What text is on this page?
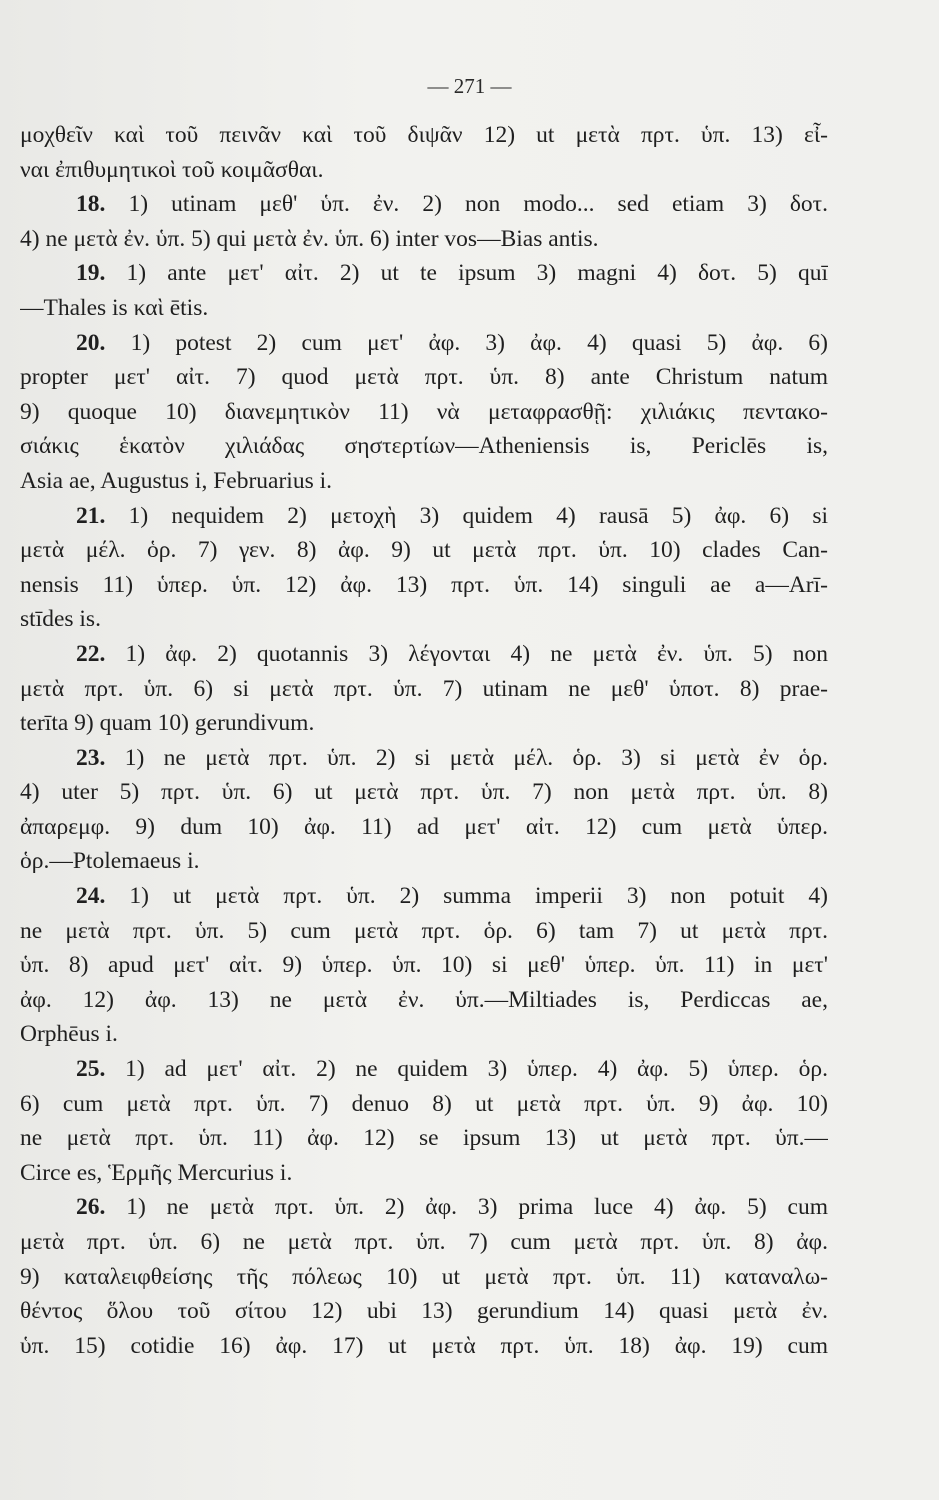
— 271 —
μοχθεῖν καὶ τοῦ πεινᾶν καὶ τοῦ διψᾶν 12) ut μετὰ πρτ. ὑπ. 13) εἶ-
ναι ἐπιθυμητικοὶ τοῦ κοιμᾶσθαι.
18. 1) utinam μεθ' ὑπ. ἐν. 2) non modo... sed etiam 3) δοτ.
4) ne μετὰ ἐν. ὑπ. 5) qui μετὰ ἐν. ὑπ. 6) inter vos—Bias antis.
19. 1) ante μετ' αἰτ. 2) ut te ipsum 3) magni 4) δοτ. 5) quī
—Thales is καὶ ētis.
20. 1) potest 2) cum μετ' ἀφ. 3) ἀφ. 4) quasi 5) ἀφ. 6)
propter μετ' αἰτ. 7) quod μετὰ πρτ. ὑπ. 8) ante Christum natum
9) quoque 10) διανεμητικὸν 11) νὰ μεταφρασθῇ: χιλιάκις πεντακο-
σιάκις ἑκατὸν χιλιάδας σηστερτίων—Atheniensis is, Periclēs is,
Asia ae, Augustus i, Februarius i.
21. 1) nequidem 2) μετοχὴ 3) quidem 4) rausā 5) ἀφ. 6) si
μετὰ μέλ. ὁρ. 7) γεν. 8) ἀφ. 9) ut μετὰ πρτ. ὑπ. 10) clades Can-
nensis 11) ὑπερ. ὑπ. 12) ἀφ. 13) πρτ. ὑπ. 14) singuli ae a—Arī-
stīdes is.
22. 1) ἀφ. 2) quotannis 3) λέγονται 4) ne μετὰ ἐν. ὑπ. 5) non
μετὰ πρτ. ὑπ. 6) si μετὰ πρτ. ὑπ. 7) utinam ne μεθ' ὑποτ. 8) prae-
terīta 9) quam 10) gerundivum.
23. 1) ne μετὰ πρτ. ὑπ. 2) si μετὰ μέλ. ὁρ. 3) si μετὰ ἐν ὁρ.
4) uter 5) πρτ. ὑπ. 6) ut μετὰ πρτ. ὑπ. 7) non μετὰ πρτ. ὑπ. 8)
ἀπαρεμφ. 9) dum 10) ἀφ. 11) ad μετ' αἰτ. 12) cum μετὰ ὑπερ.
ὁρ.—Ptolemaeus i.
24. 1) ut μετὰ πρτ. ὑπ. 2) summa imperii 3) non potuit 4)
ne μετὰ πρτ. ὑπ. 5) cum μετὰ πρτ. ὁρ. 6) tam 7) ut μετὰ πρτ.
ὑπ. 8) apud μετ' αἰτ. 9) ὑπερ. ὑπ. 10) si μεθ' ὑπερ. ὑπ. 11) in μετ'
ἀφ. 12) ἀφ. 13) ne μετὰ ἐν. ὑπ.—Miltiades is, Perdiccas ae,
Orphēus i.
25. 1) ad μετ' αἰτ. 2) ne quidem 3) ὑπερ. 4) ἀφ. 5) ὑπερ. ὁρ.
6) cum μετὰ πρτ. ὑπ. 7) denuo 8) ut μετὰ πρτ. ὑπ. 9) ἀφ. 10)
ne μετὰ πρτ. ὑπ. 11) ἀφ. 12) se ipsum 13) ut μετὰ πρτ. ὑπ.—
Circe es, Ἑρμῆς Mercurius i.
26. 1) ne μετὰ πρτ. ὑπ. 2) ἀφ. 3) prima luce 4) ἀφ. 5) cum
μετὰ πρτ. ὑπ. 6) ne μετὰ πρτ. ὑπ. 7) cum μετὰ πρτ. ὑπ. 8) ἀφ.
9) καταλειφθείσης τῆς πόλεως 10) ut μετὰ πρτ. ὑπ. 11) καταναλω-
θέντος ὅλου τοῦ σίτου 12) ubi 13) gerundium 14) quasi μετὰ ἐν.
ὑπ. 15) cotidie 16) ἀφ. 17) ut μετὰ πρτ. ὑπ. 18) ἀφ. 19) cum
